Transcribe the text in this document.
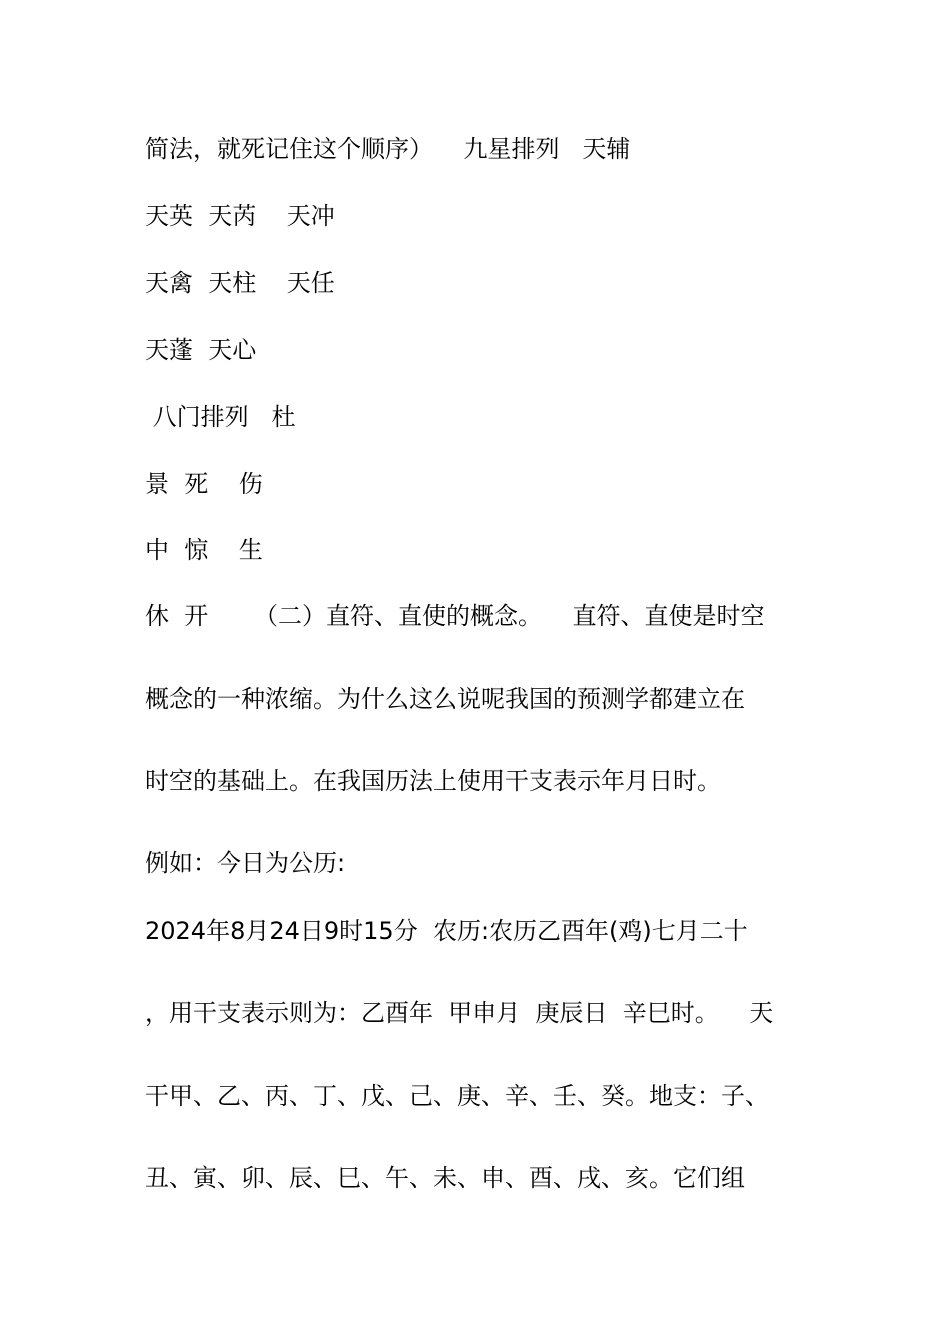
简法，就死记住这个顺序）    九星排列   天辅
天英  天芮    天冲
天禽  天柱    天任
天蓬  天心
八门排列   杜
景  死    伤
中  惊    生
休  开      （二）直符、直使的概念。    直符、直使是时空
概念的一种浓缩。为什么这么说呢我国的预测学都建立在
时空的基础上。在我国历法上使用干支表示年月日时。
例如：今日为公历:
2024年8月24日9时15分  农历:农历乙酉年(鸡)七月二十
，用干支表示则为：乙酉年  甲申月  庚辰日  辛巳时。    天
干甲、乙、丙、丁、戊、己、庚、辛、壬、癸。地支：子、
丑、寅、卯、辰、巳、午、未、申、酉、戌、亥。它们组
